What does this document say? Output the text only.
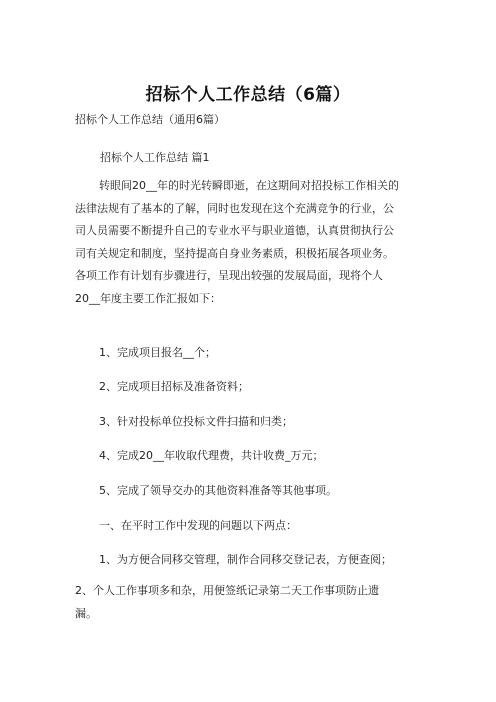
招标个人工作总结（6篇）
招标个人工作总结（通用6篇）
招标个人工作总结 篇1
转眼间20__年的时光转瞬即逝，在这期间对招投标工作相关的
法律法规有了基本的了解，同时也发现在这个充满竞争的行业，公
司人员需要不断提升自己的专业水平与职业道德，认真贯彻执行公
司有关规定和制度，坚持提高自身业务素质，积极拓展各项业务。
各项工作有计划有步骤进行，呈现出较强的发展局面，现将个人
20__年度主要工作汇报如下：
1、完成项目报名__个；
2、完成项目招标及准备资料；
3、针对投标单位投标文件扫描和归类；
4、完成20__年收取代理费，共计收费_万元；
5、完成了领导交办的其他资料准备等其他事项。
一、在平时工作中发现的问题以下两点：
1、为方便合同移交管理，制作合同移交登记表，方便查阅；
2、个人工作事项多和杂，用便签纸记录第二天工作事项防止遗
漏。
